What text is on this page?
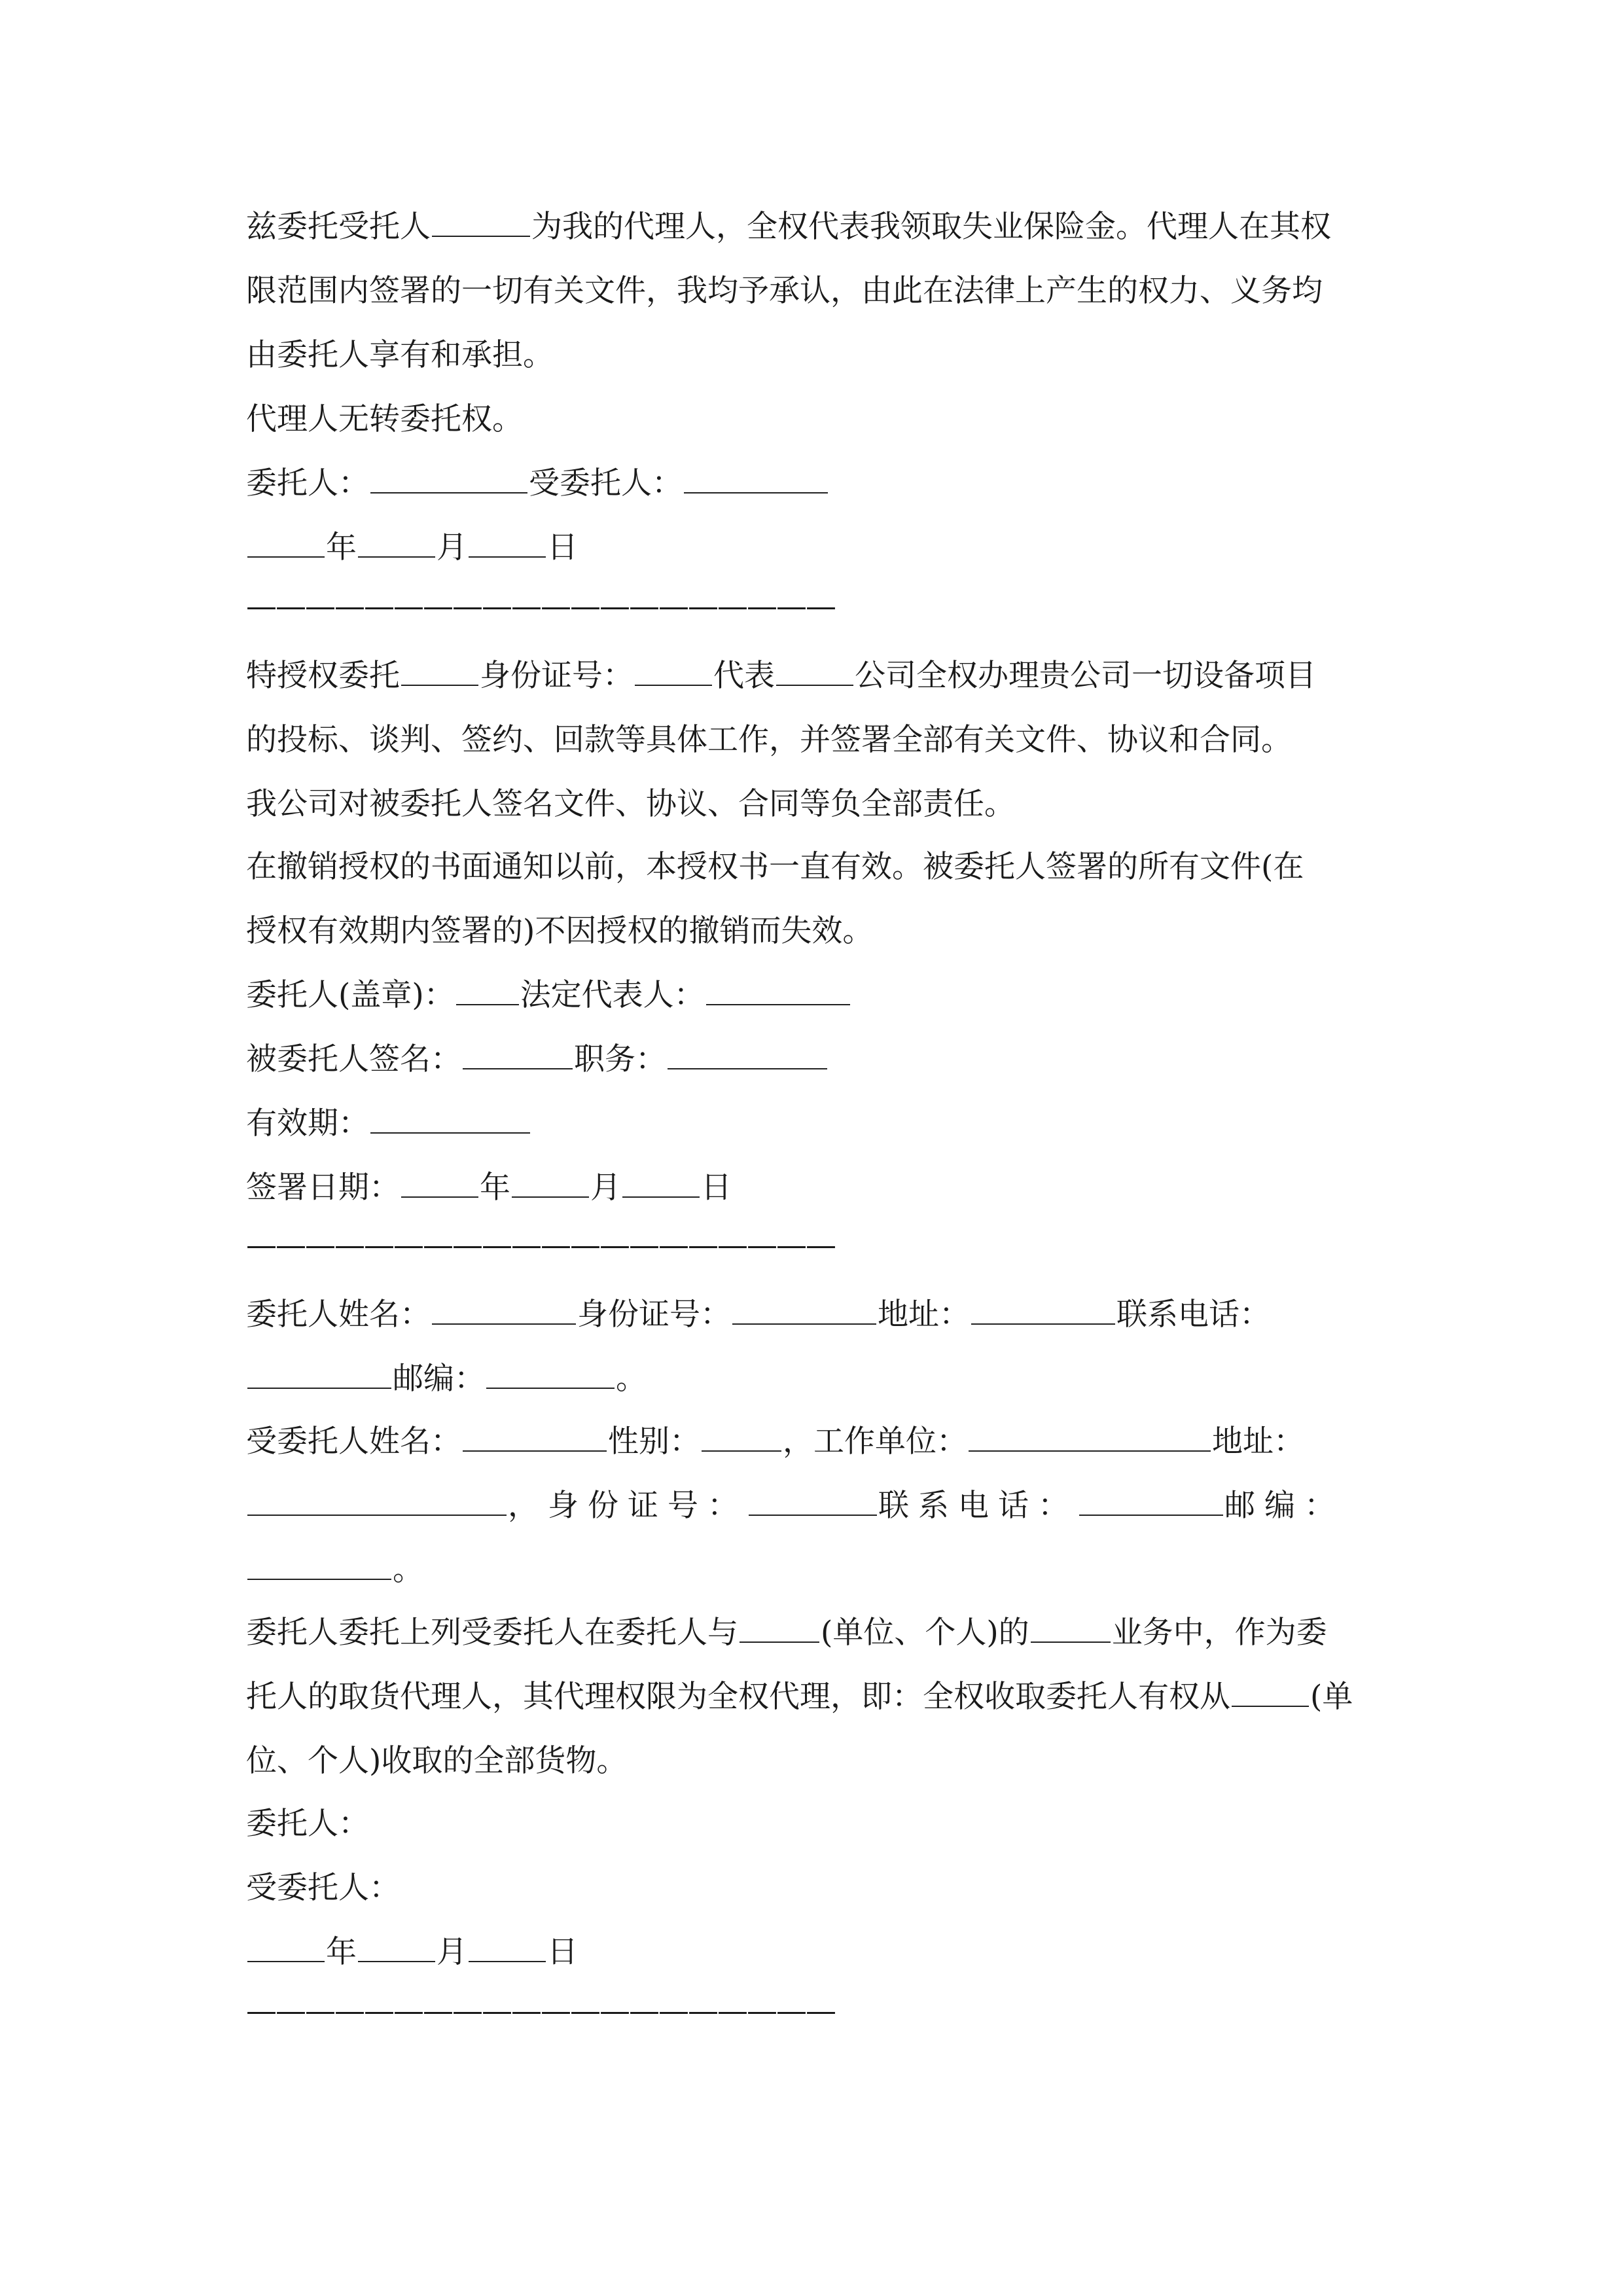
兹委托受托人	为我的代理人，全权代表我领取失业保险金。代理人在其权
限范围内签署的一切有关文件，我均予承认，由此在法律上产生的权力、义务均
由委托人享有和承担。
代理人无转委托权。
委托人：	受委托人：
年	月	日
————————————————————
特授权委托	身份证号：	代表	公司全权办理贵公司一切设备项目
的投标、谈判、签约、回款等具体工作，并签署全部有关文件、协议和合同。
我公司对被委托人签名文件、协议、合同等负全部责任。
在撤销授权的书面通知以前，本授权书一直有效。被委托人签署的所有文件(在
授权有效期内签署的)不因授权的撤销而失效。
委托人(盖章)： 法定代表人：
被委托人签名：	职务：
有效期：
签署日期：	年	月	日
————————————————————
委托人姓名：	身份证号：	地址：	联系电话：
邮编：	。
受委托人姓名：	性别：	，工作单位：	地址：
，身份证号：	联系电话：	邮编：
。
委托人委托上列受委托人在委托人与	(单位、个人)的	业务中，作为委
托人的取货代理人，其代理权限为全权代理，即：全权收取委托人有权从	(单
位、个人)收取的全部货物。
委托人：
受委托人：
年	月	日
————————————————————
